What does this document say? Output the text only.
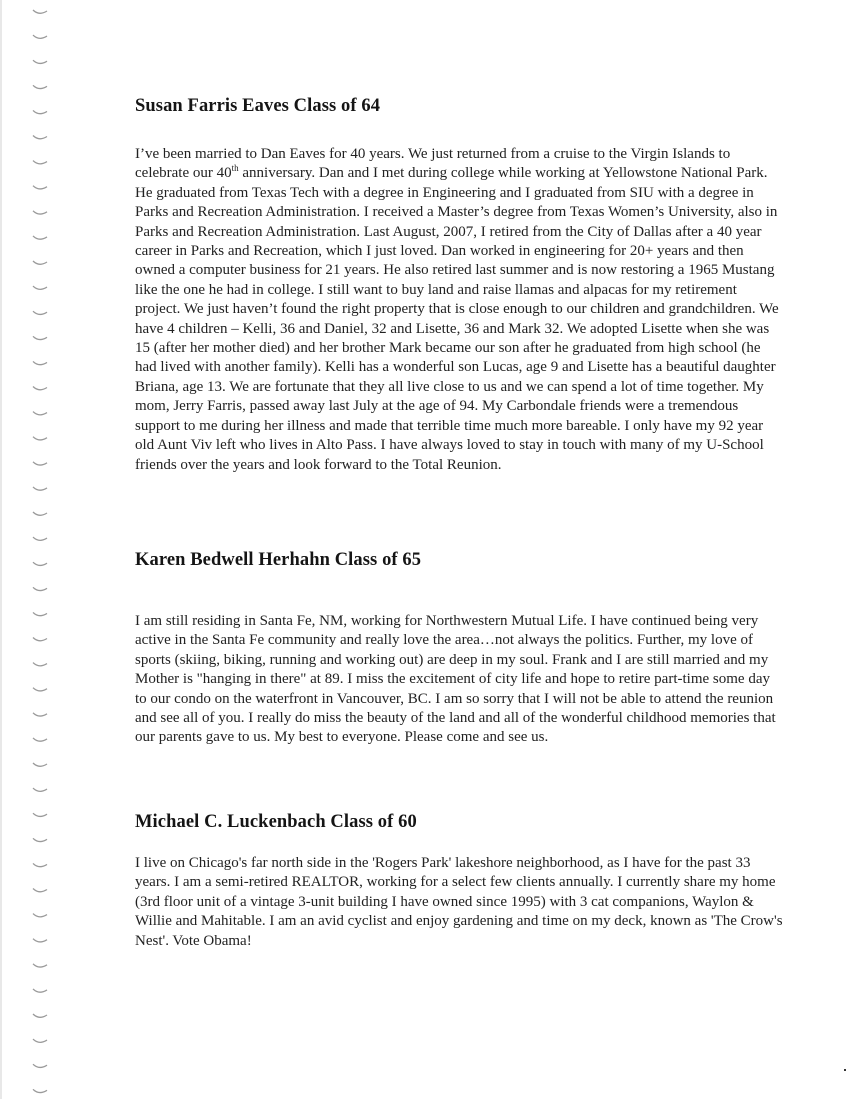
Susan Farris Eaves Class of 64

I’ve been married to Dan Eaves for 40 years. We just returned from a cruise to the Virgin Islands to celebrate our 40th anniversary. Dan and I met during college while working at Yellowstone National Park. He graduated from Texas Tech with a degree in Engineering and I graduated from SIU with a degree in Parks and Recreation Administration. I received a Master’s degree from Texas Women’s University, also in Parks and Recreation Administration. Last August, 2007, I retired from the City of Dallas after a 40 year career in Parks and Recreation, which I just loved. Dan worked in engineering for 20+ years and then owned a computer business for 21 years. He also retired last summer and is now restoring a 1965 Mustang like the one he had in college. I still want to buy land and raise llamas and alpacas for my retirement project. We just haven’t found the right property that is close enough to our children and grandchildren. We have 4 children – Kelli, 36 and Daniel, 32 and Lisette, 36 and Mark 32. We adopted Lisette when she was 15 (after her mother died) and her brother Mark became our son after he graduated from high school (he had lived with another family). Kelli has a wonderful son Lucas, age 9 and Lisette has a beautiful daughter Briana, age 13. We are fortunate that they all live close to us and we can spend a lot of time together. My mom, Jerry Farris, passed away last July at the age of 94. My Carbondale friends were a tremendous support to me during her illness and made that terrible time much more bareable. I only have my 92 year old Aunt Viv left who lives in Alto Pass. I have always loved to stay in touch with many of my U-School friends over the years and look forward to the Total Reunion.

Karen Bedwell Herhahn Class of 65

I am still residing in Santa Fe, NM, working for Northwestern Mutual Life. I have continued being very active in the Santa Fe community and really love the area…not always the politics. Further, my love of sports (skiing, biking, running and working out) are deep in my soul. Frank and I are still married and my Mother is "hanging in there" at 89. I miss the excitement of city life and hope to retire part-time some day to our condo on the waterfront in Vancouver, BC. I am so sorry that I will not be able to attend the reunion and see all of you. I really do miss the beauty of the land and all of the wonderful childhood memories that our parents gave to us. My best to everyone. Please come and see us.

Michael C. Luckenbach Class of 60

I live on Chicago's far north side in the 'Rogers Park' lakeshore neighborhood, as I have for the past 33 years. I am a semi-retired REALTOR, working for a select few clients annually. I currently share my home (3rd floor unit of a vintage 3-unit building I have owned since 1995) with 3 cat companions, Waylon & Willie and Mahitable. I am an avid cyclist and enjoy gardening and time on my deck, known as 'The Crow's Nest'. Vote Obama!
